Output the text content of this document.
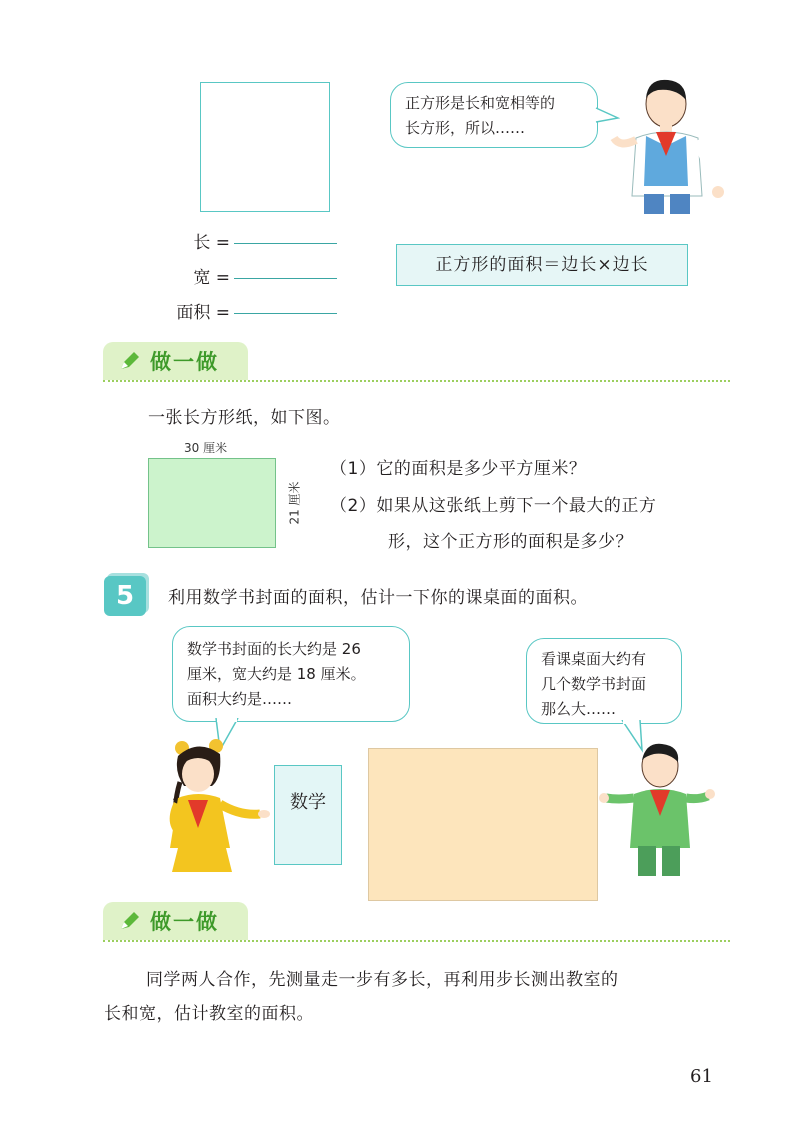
长 =
宽 =
面积 =
正方形是长和宽相等的
长方形，所以……
正方形的面积＝边长×边长
做一做
一张长方形纸，如下图。
30 厘米
21 厘米
（1）它的面积是多少平方厘米？
（2）如果从这张纸上剪下一个最大的正方
形，这个正方形的面积是多少？
5	利用数学书封面的面积，估计一下你的课桌面的面积。
数学书封面的长大约是 26
厘米，宽大约是 18 厘米。
面积大约是……
看课桌面大约有
几个数学书封面
那么大……
数学
做一做
同学两人合作，先测量走一步有多长，再利用步长测出教室的
长和宽，估计教室的面积。
61
